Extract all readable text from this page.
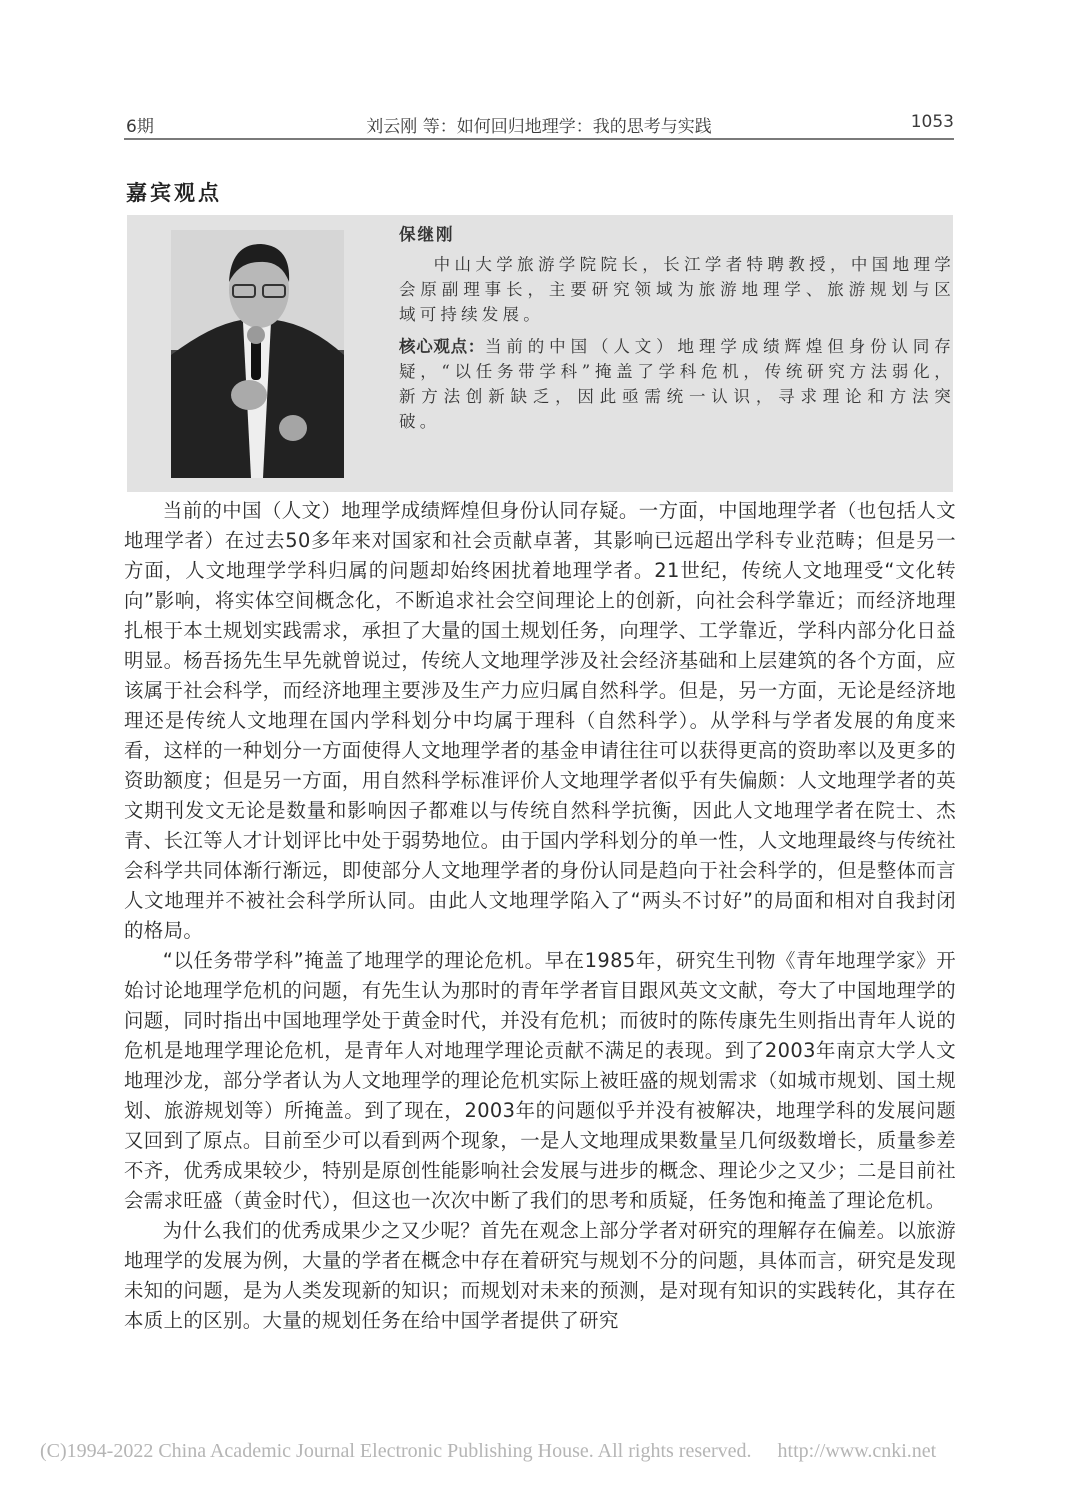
6期	刘云刚 等：如何回归地理学：我的思考与实践	1053
嘉宾观点
保继刚

中山大学旅游学院院长，长江学者特聘教授，中国地理学会原副理事长，主要研究领域为旅游地理学、旅游规划与区域可持续发展。

核心观点：当前的中国（人文）地理学成绩辉煌但身份认同存疑，“以任务带学科”掩盖了学科危机，传统研究方法弱化，新方法创新缺乏，因此亟需统一认识，寻求理论和方法突破。

当前的中国（人文）地理学成绩辉煌但身份认同存疑。一方面，中国地理学者（也包括人文地理学者）在过去50多年来对国家和社会贡献卓著，其影响已远超出学科专业范畴；但是另一方面，人文地理学学科归属的问题却始终困扰着地理学者。21世纪，传统人文地理受“文化转向”影响，将实体空间概念化，不断追求社会空间理论上的创新，向社会科学靠近；而经济地理扎根于本土规划实践需求，承担了大量的国土规划任务，向理学、工学靠近，学科内部分化日益明显。杨吾扬先生早先就曾说过，传统人文地理学涉及社会经济基础和上层建筑的各个方面，应该属于社会科学，而经济地理主要涉及生产力应归属自然科学。但是，另一方面，无论是经济地理还是传统人文地理在国内学科划分中均属于理科（自然科学）。从学科与学者发展的角度来看，这样的一种划分一方面使得人文地理学者的基金申请往往可以获得更高的资助率以及更多的资助额度；但是另一方面，用自然科学标准评价人文地理学者似乎有失偏颇：人文地理学者的英文期刊发文无论是数量和影响因子都难以与传统自然科学抗衡，因此人文地理学者在院士、杰青、长江等人才计划评比中处于弱势地位。由于国内学科划分的单一性，人文地理最终与传统社会科学共同体渐行渐远，即使部分人文地理学者的身份认同是趋向于社会科学的，但是整体而言人文地理并不被社会科学所认同。由此人文地理学陷入了“两头不讨好”的局面和相对自我封闭的格局。

“以任务带学科”掩盖了地理学的理论危机。早在1985年，研究生刊物《青年地理学家》开始讨论地理学危机的问题，有先生认为那时的青年学者盲目跟风英文文献，夸大了中国地理学的问题，同时指出中国地理学处于黄金时代，并没有危机；而彼时的陈传康先生则指出青年人说的危机是地理学理论危机，是青年人对地理学理论贡献不满足的表现。到了2003年南京大学人文地理沙龙，部分学者认为人文地理学的理论危机实际上被旺盛的规划需求（如城市规划、国土规划、旅游规划等）所掩盖。到了现在，2003年的问题似乎并没有被解决，地理学科的发展问题又回到了原点。目前至少可以看到两个现象，一是人文地理成果数量呈几何级数增长，质量参差不齐，优秀成果较少，特别是原创性能影响社会发展与进步的概念、理论少之又少；二是目前社会需求旺盛（黄金时代），但这也一次次中断了我们的思考和质疑，任务饱和掩盖了理论危机。

为什么我们的优秀成果少之又少呢？首先在观念上部分学者对研究的理解存在偏差。以旅游地理学的发展为例，大量的学者在概念中存在着研究与规划不分的问题，具体而言，研究是发现未知的问题，是为人类发现新的知识；而规划对未来的预测，是对现有知识的实践转化，其存在本质上的区别。大量的规划任务在给中国学者提供了研究

(C)1994-2022 China Academic Journal Electronic Publishing House. All rights reserved. http://www.cnki.net
